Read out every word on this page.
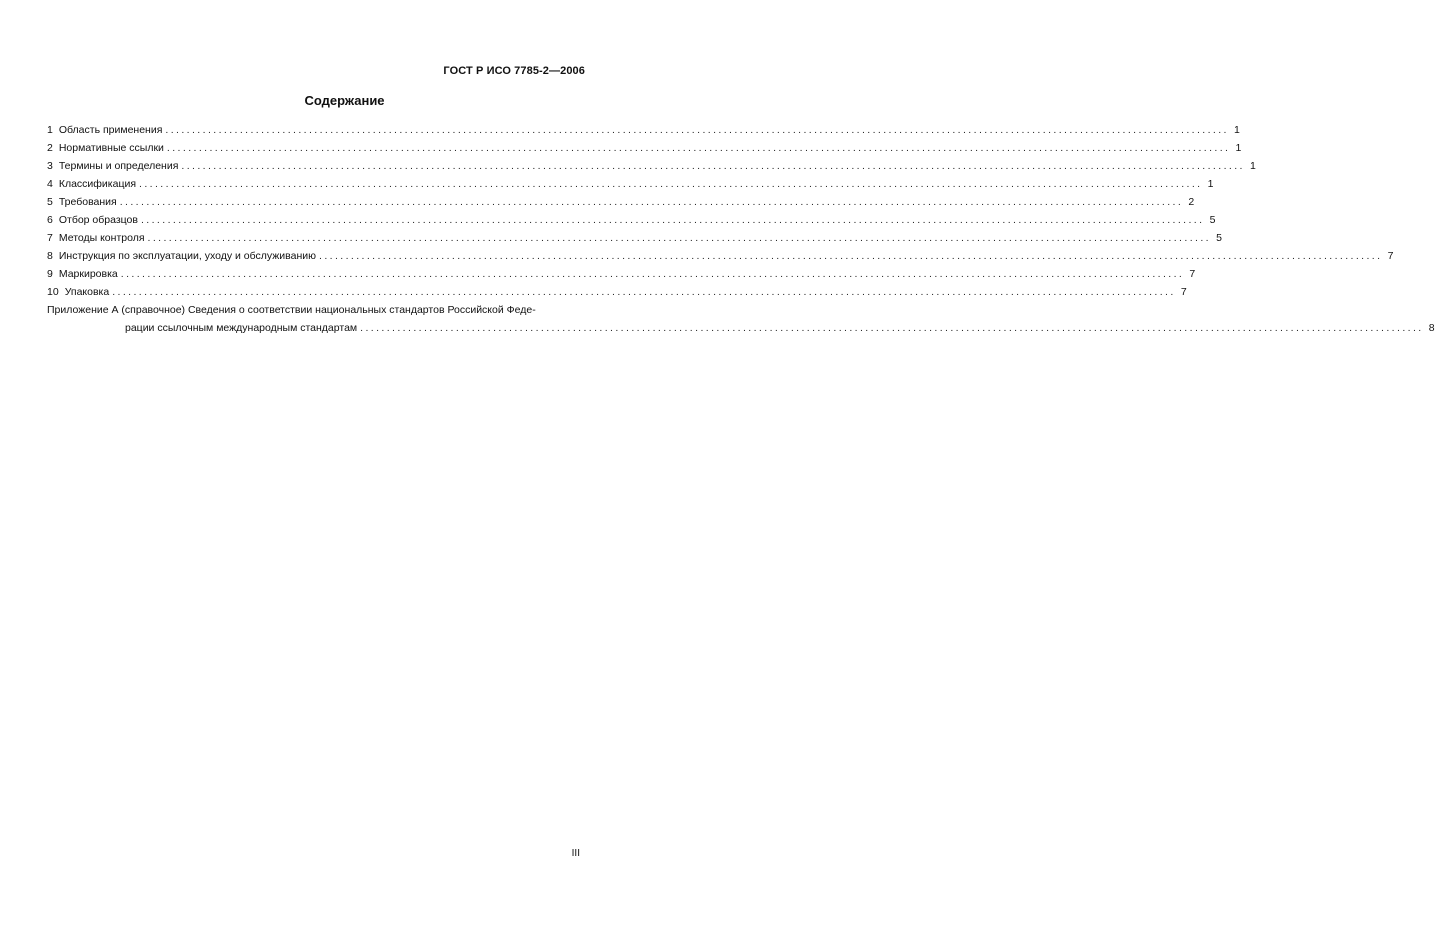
ГОСТ Р ИСО 7785-2—2006
Содержание
1 Область применения ........................................................................................................................................................................................................ 1
2 Нормативные ссылки ........................................................................................................................................................................................................ 1
3 Термины и определения ........................................................................................................................................................................................................ 1
4 Классификация ........................................................................................................................................................................................................ 1
5 Требования ........................................................................................................................................................................................................ 2
6 Отбор образцов ........................................................................................................................................................................................................ 5
7 Методы контроля ........................................................................................................................................................................................................ 5
8 Инструкция по эксплуатации, уходу и обслуживанию ........................................................................................................................................................................................................ 7
9 Маркировка ........................................................................................................................................................................................................ 7
10 Упаковка ........................................................................................................................................................................................................ 7
Приложение А (справочное) Сведения о соответствии национальных стандартов Российской Феде-
рации ссылочным международным стандартам ........................................................................................................................................................................................................ 8
III
